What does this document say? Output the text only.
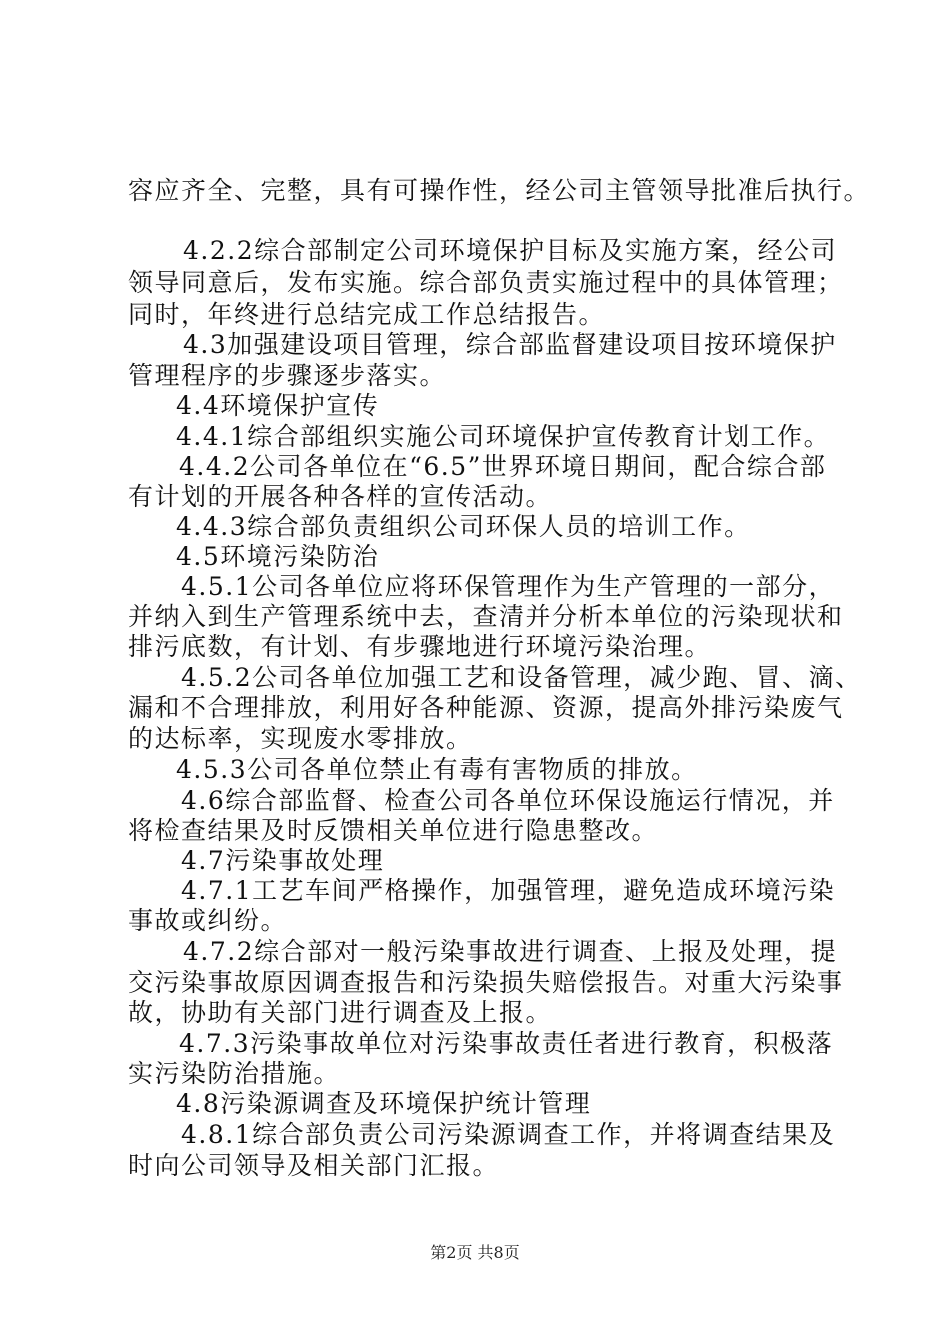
容应齐全、完整，具有可操作性，经公司主管领导批准后执行。
4.2.2综合部制定公司环境保护目标及实施方案，经公司
领导同意后，发布实施。综合部负责实施过程中的具体管理；
同时，年终进行总结完成工作总结报告。
4.3加强建设项目管理，综合部监督建设项目按环境保护
管理程序的步骤逐步落实。
4.4环境保护宣传
4.4.1综合部组织实施公司环境保护宣传教育计划工作。
4.4.2公司各单位在“6.5”世界环境日期间，配合综合部
有计划的开展各种各样的宣传活动。
4.4.3综合部负责组织公司环保人员的培训工作。
4.5环境污染防治
4.5.1公司各单位应将环保管理作为生产管理的一部分，
并纳入到生产管理系统中去，查清并分析本单位的污染现状和
排污底数，有计划、有步骤地进行环境污染治理。
4.5.2公司各单位加强工艺和设备管理，减少跑、冒、滴、
漏和不合理排放，利用好各种能源、资源，提高外排污染废气
的达标率，实现废水零排放。
4.5.3公司各单位禁止有毒有害物质的排放。
4.6综合部监督、检查公司各单位环保设施运行情况，并
将检查结果及时反馈相关单位进行隐患整改。
4.7污染事故处理
4.7.1工艺车间严格操作，加强管理，避免造成环境污染
事故或纠纷。
4.7.2综合部对一般污染事故进行调查、上报及处理，提
交污染事故原因调查报告和污染损失赔偿报告。对重大污染事
故，协助有关部门进行调查及上报。
4.7.3污染事故单位对污染事故责任者进行教育，积极落
实污染防治措施。
4.8污染源调查及环境保护统计管理
4.8.1综合部负责公司污染源调查工作，并将调查结果及
时向公司领导及相关部门汇报。
第2页 共8页
